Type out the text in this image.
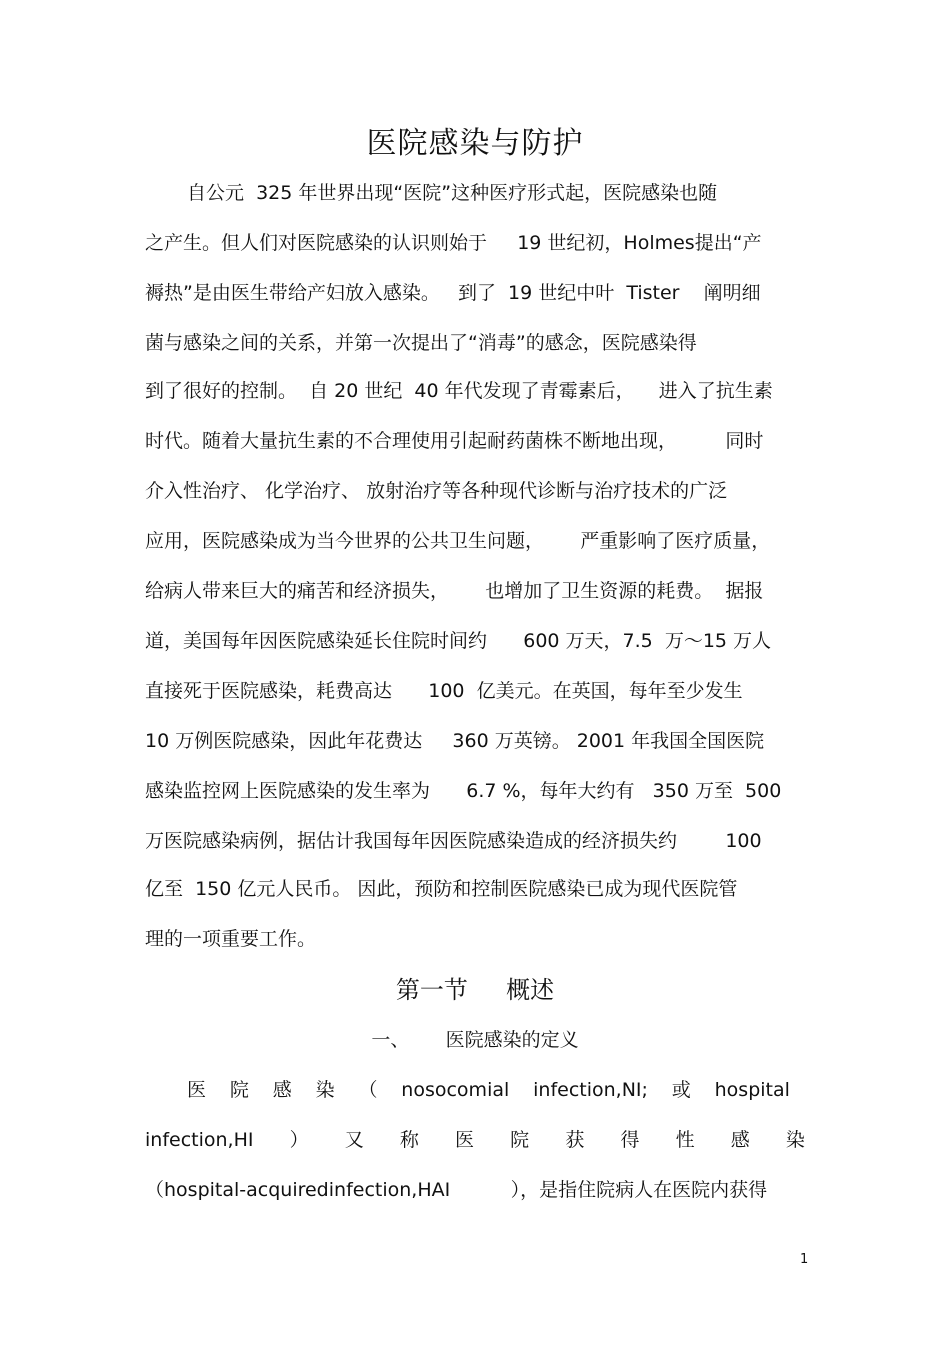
医院感染与防护
自公元  325 年世界出现“医院”这种医疗形式起，医院感染也随
之产生。但人们对医院感染的认识则始于     19 世纪初，Holmes提出“产
褥热”是由医生带给产妇放入感染。   到了  19 世纪中叶  Tister    阐明细
菌与感染之间的关系，并第一次提出了“消毒”的感念，医院感染得
到了很好的控制。  自 20 世纪  40 年代发现了青霉素后，    进入了抗生素
时代。随着大量抗生素的不合理使用引起耐药菌株不断地出现，        同时
介入性治疗、 化学治疗、 放射治疗等各种现代诊断与治疗技术的广泛
应用，医院感染成为当今世界的公共卫生问题，      严重影响了医疗质量，
给病人带来巨大的痛苦和经济损失，      也增加了卫生资源的耗费。  据报
道，美国每年因医院感染延长住院时间约      600 万天，7.5  万～15 万人
直接死于医院感染，耗费高达      100  亿美元。在英国，每年至少发生
10 万例医院感染，因此年花费达     360 万英镑。 2001 年我国全国医院
感染监控网上医院感染的发生率为      6.7 %，每年大约有   350 万至  500
万医院感染病例，据估计我国每年因医院感染造成的经济损失约        100
亿至  150 亿元人民币。 因此，预防和控制医院感染已成为现代医院管
理的一项重要工作。
第一节     概述
一、      医院感染的定义
医 院 感 染 （ nosocomial infection,NI; 或 hospital
infection,HI ） 又 称 医 院 获 得 性 感 染
（hospital-acquiredinfection,HAI          ），是指住院病人在医院内获得
1
